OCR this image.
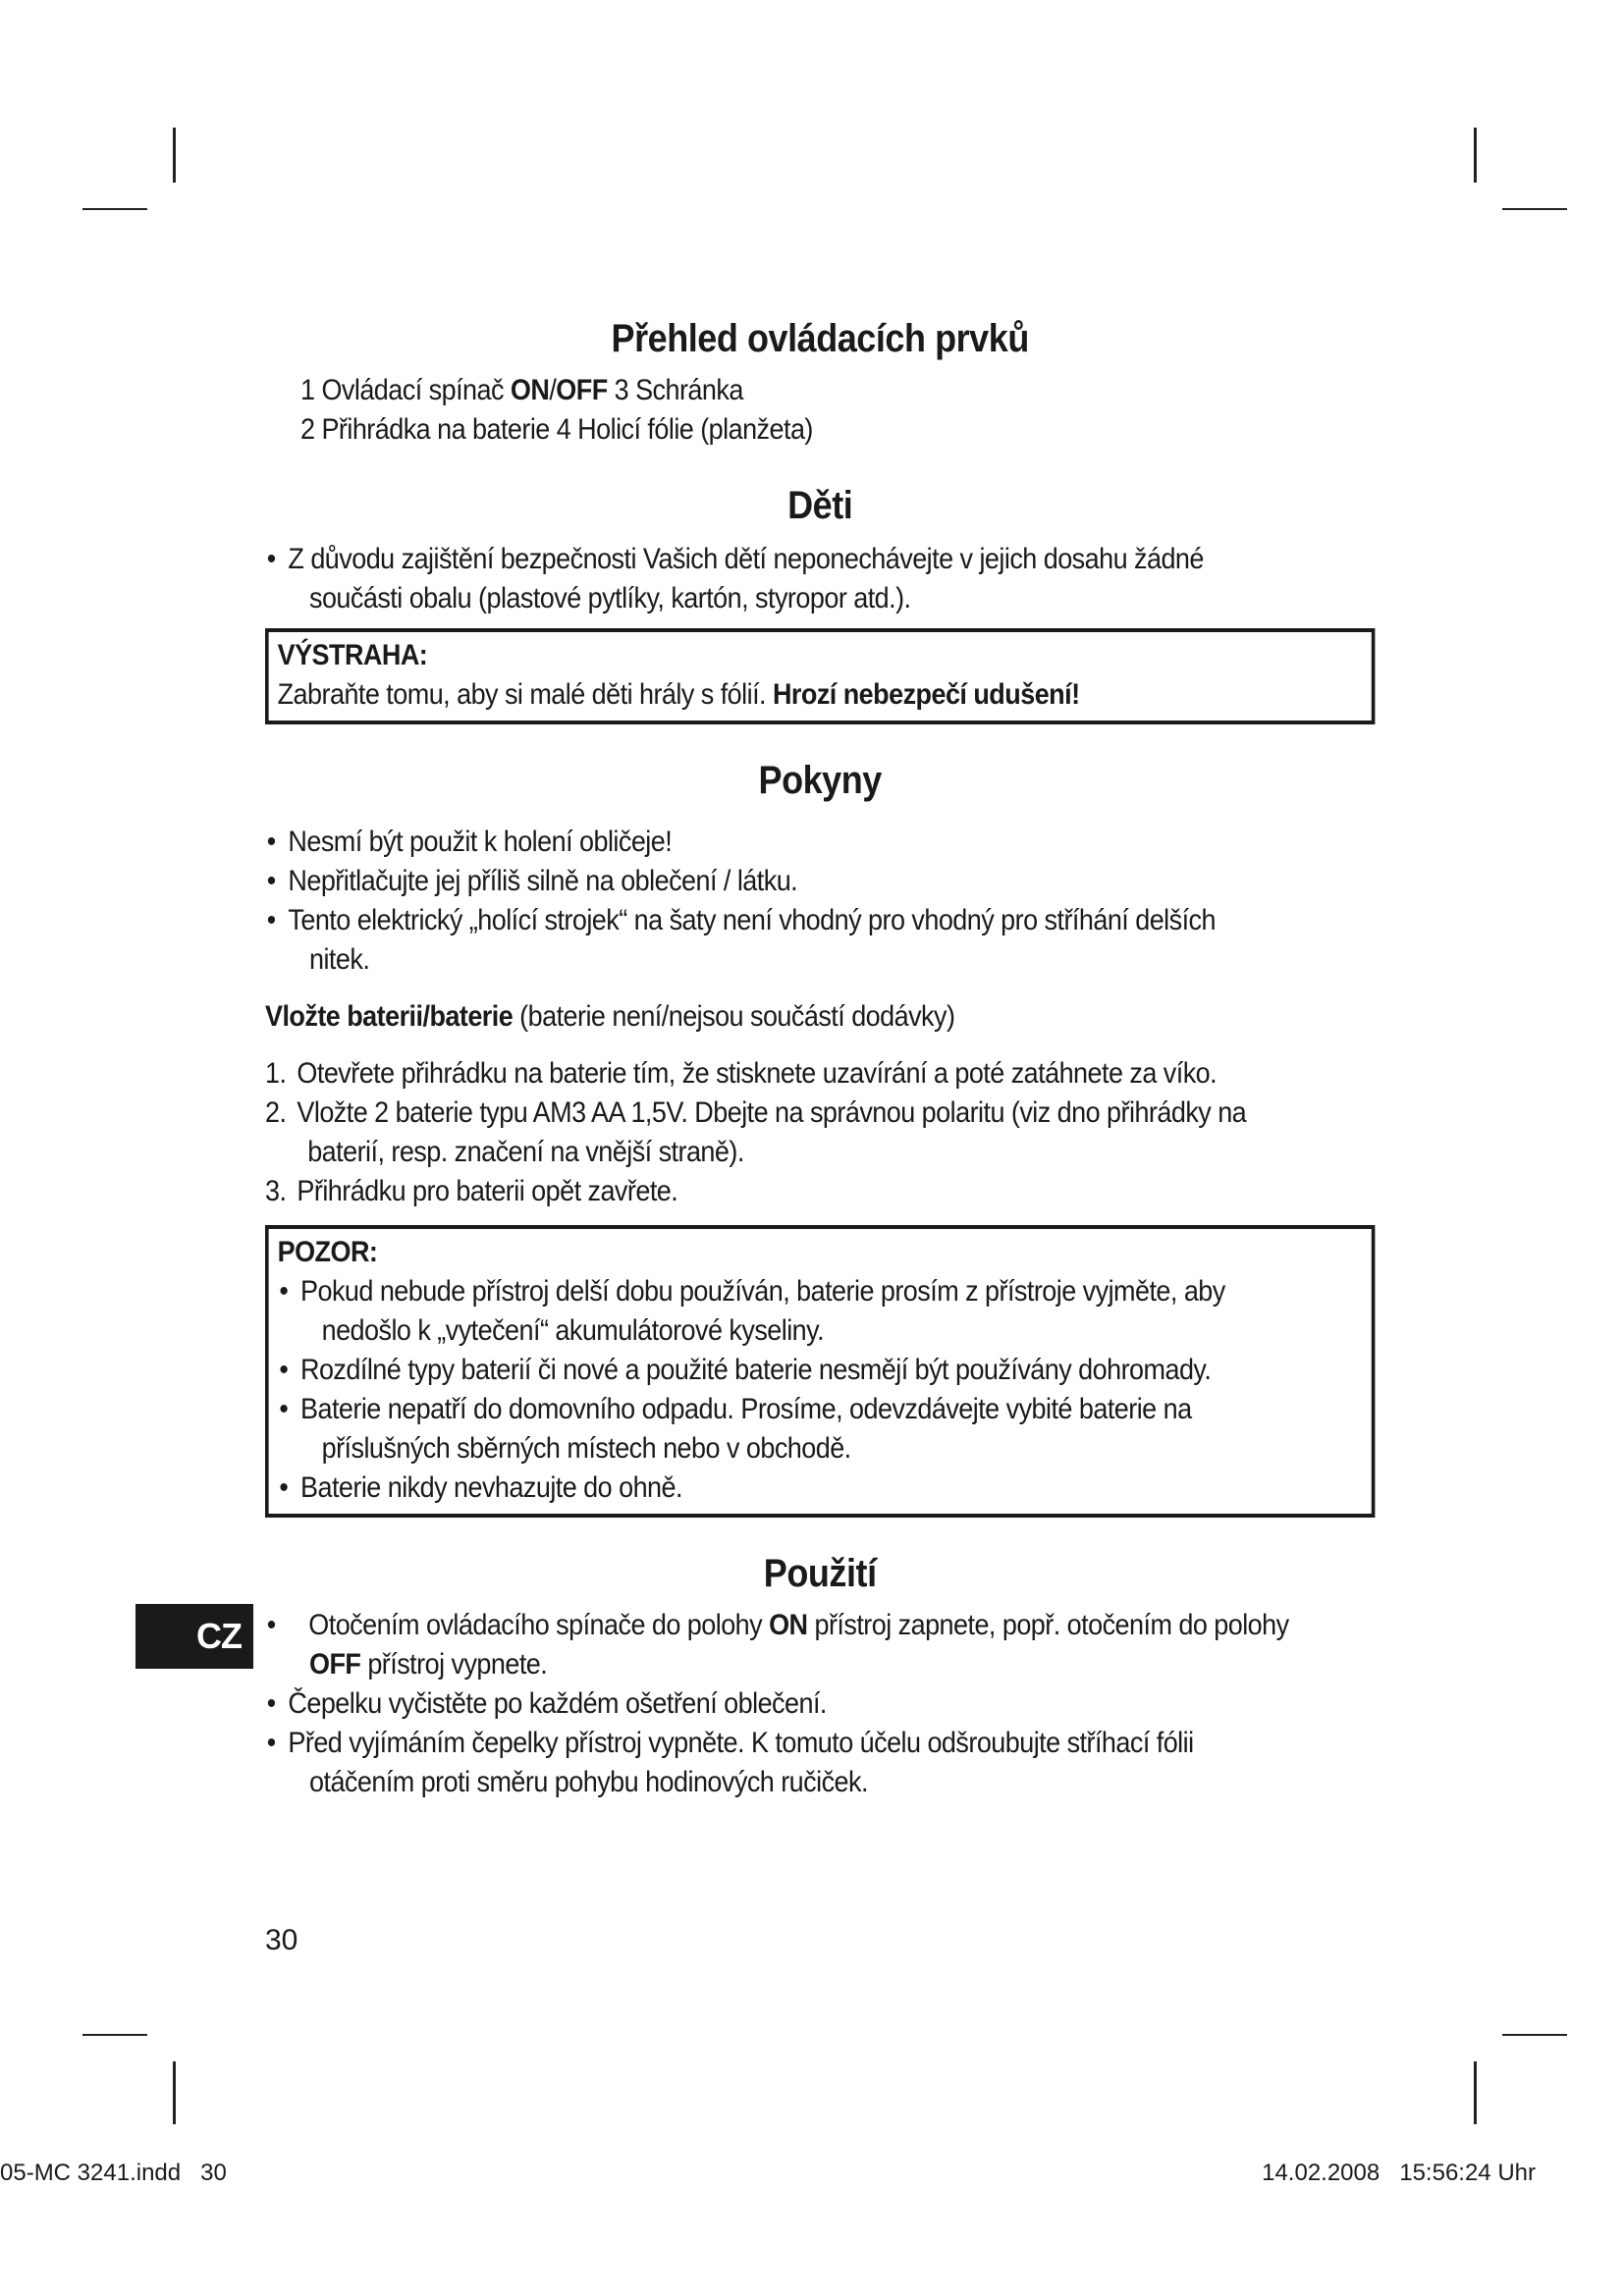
Přehled ovládacích prvků
1 Ovládací spínač ON/OFF 3 Schránka
2 Přihrádka na baterie 4 Holicí fólie (planžeta)
Děti
• Z důvodu zajištění bezpečnosti Vašich dětí neponechávejte v jejich dosahu žádné
součásti obalu (plastové pytlíky, kartón, styropor atd.).
VÝSTRAHA:
Zabraňte tomu, aby si malé děti hrály s fólií. Hrozí nebezpečí udušení!
Pokyny
• Nesmí být použit k holení obličeje!
• Nepřitlačujte jej příliš silně na oblečení / látku.
• Tento elektrický „holící strojek“ na šaty není vhodný pro vhodný pro stříhání delších
nitek.
Vložte baterii/baterie (baterie není/nejsou součástí dodávky)
1. Otevřete přihrádku na baterie tím, že stisknete uzavírání a poté zatáhnete za víko.
2. Vložte 2 baterie typu AM3 AA 1,5V. Dbejte na správnou polaritu (viz dno přihrádky na
baterií, resp. značení na vnější straně).
3. Přihrádku pro baterii opět zavřete.
POZOR:
• Pokud nebude přístroj delší dobu používán, baterie prosím z přístroje vyjměte, aby
nedošlo k „vytečení“ akumulátorové kyseliny.
• Rozdílné typy baterií či nové a použité baterie nesmějí být používány dohromady.
• Baterie nepatří do domovního odpadu. Prosíme, odevzdávejte vybité baterie na
příslušných sběrných místech nebo v obchodě.
• Baterie nikdy nevhazujte do ohně.
Použití
•    Otočením ovládacího spínače do polohy ON přístroj zapnete, popř. otočením do polohy
OFF přístroj vypnete.
• Čepelku vyčistěte po každém ošetření oblečení.
• Před vyjímáním čepelky přístroj vypněte. K tomuto účelu odšroubujte stříhací fólii
otáčením proti směru pohybu hodinových ručiček.
CZ
30
05-MC 3241.indd   30	14.02.2008   15:56:24 Uhr
